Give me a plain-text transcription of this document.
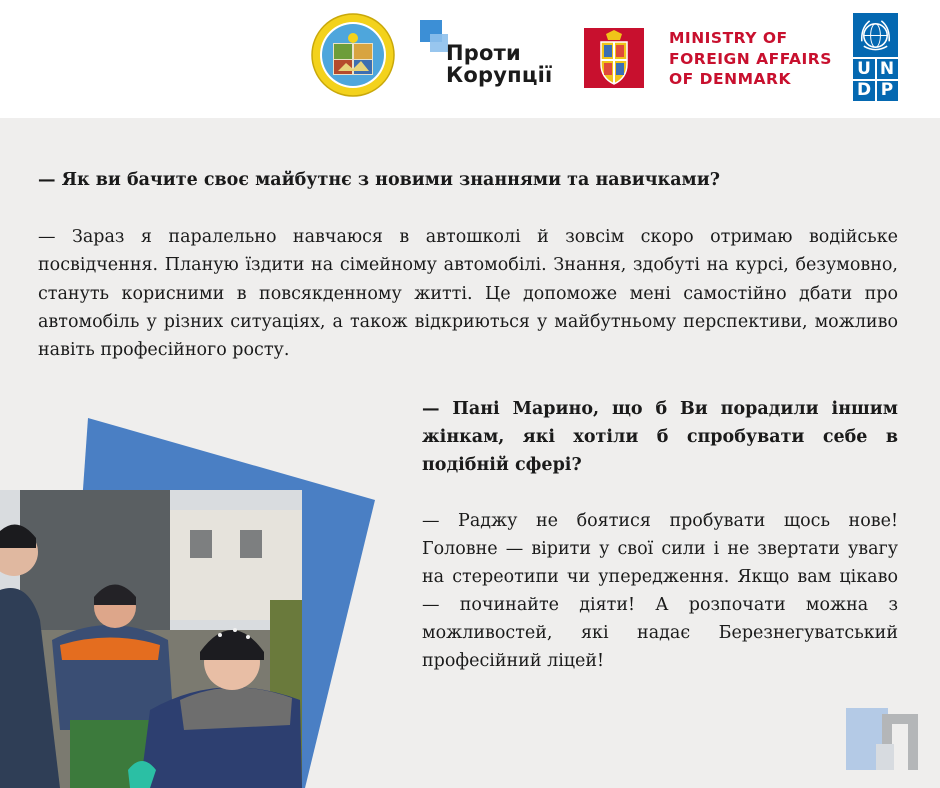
Проти
Корупції
MINISTRY OF
FOREIGN AFFAIRS
OF DENMARK	U N
D P
— Як ви бачите своє майбутнє з новими знаннями та навичками?
— Зараз я паралельно навчаюся в автошколі й зовсім скоро отримаю водійське посвідчення. Планую їздити на сімейному автомобілі. Знання, здобуті на курсі, безумовно, стануть корисними в повсякденному житті. Це допоможе мені самостійно дбати про автомобіль у різних ситуаціях, а також відкриються у майбутньому перспективи, можливо навіть професійного росту.
— Пані Марино, що б Ви порадили іншим жінкам, які хотіли б спробувати себе в подібній сфері?
— Раджу не боятися пробувати щось нове! Головне — вірити у свої сили і не звертати увагу на стереотипи чи упередження. Якщо вам цікаво — починайте діяти! А розпочати можна з можливостей, які надає Березнегуватський професійний ліцей!
